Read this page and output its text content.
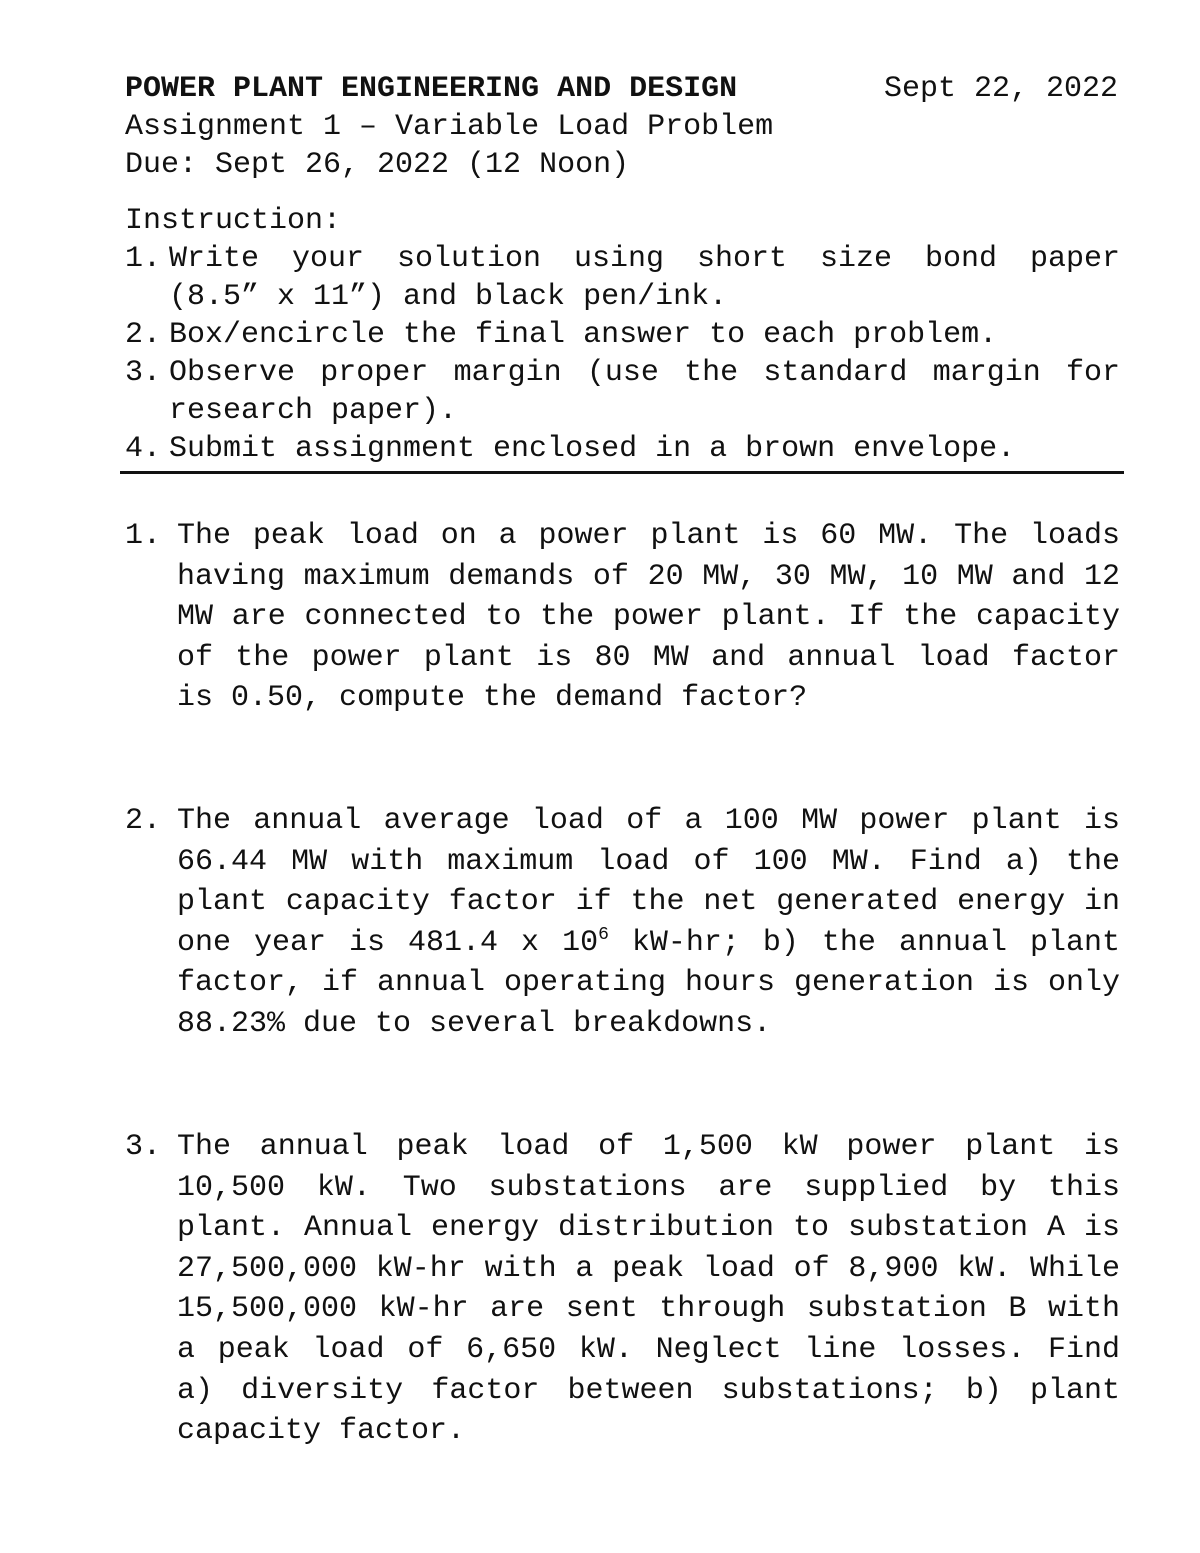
POWER PLANT ENGINEERING AND DESIGN	Sept 22, 2022
Assignment 1 – Variable Load Problem
Due: Sept 26, 2022 (12 Noon)
Instruction:
1. Write your solution using short size bond paper (8.5” x 11”) and black pen/ink.
2. Box/encircle the final answer to each problem.
3. Observe proper margin (use the standard margin for research paper).
4. Submit assignment enclosed in a brown envelope.
1. The peak load on a power plant is 60 MW. The loads having maximum demands of 20 MW, 30 MW, 10 MW and 12 MW are connected to the power plant. If the capacity of the power plant is 80 MW and annual load factor is 0.50, compute the demand factor?
2. The annual average load of a 100 MW power plant is 66.44 MW with maximum load of 100 MW. Find a) the plant capacity factor if the net generated energy in one year is 481.4 x $10^6$ kW-hr; b) the annual plant factor, if annual operating hours generation is only 88.23% due to several breakdowns.
3. The annual peak load of 1,500 kW power plant is 10,500 kW. Two substations are supplied by this plant. Annual energy distribution to substation A is 27,500,000 kW-hr with a peak load of 8,900 kW. While 15,500,000 kW-hr are sent through substation B with a peak load of 6,650 kW. Neglect line losses. Find a) diversity factor between substations; b) plant capacity factor.
